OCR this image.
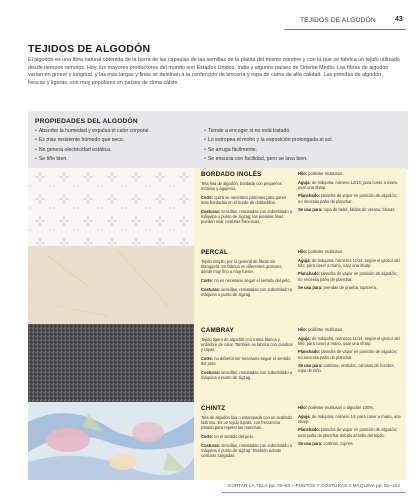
TEJIDOS DE ALGODÓN	43
TEJIDOS DE ALGODÓN

El algodón es una fibra natural obtenida de la borra de las cápsulas de las semillas de la planta del mismo nombre y con la que se fabrica un tejido utilizado desde tiempos remotos. Hoy, los mayores productores del mundo son Estados Unidos, India y algunos países de Oriente Medio. Las fibras de algodón varían en grosor y longitud, y las más largas y finas se destinan a la confección de lencería y ropa de cama de alta calidad. Las prendas de algodón, frescas y ligeras, son muy populares en países de clima cálido.

PROPIEDADES DEL ALGODÓN
• Absorbe la humedad y expulsa el calor corporal.
• Es más resistente húmedo que seco.
• No genera electricidad estática.
• Se tiñe bien.
• Tiende a encoger si no está tratado.
• Lo estropea el moho y la exposición prolongada al sol.
• Se arruga fácilmente.
• Se ensucia con facilidad, pero se lava bien.
BORDADO INGLÉS

Tela fina de algodón, bordada con pequeños motivos y agujeros.

Corte: quizá se necesiten patrones para poner tiras bordadas en el borde de dobladillos.

Costuras: sencillas, rematadas con sobrehilado a máquina o punto de zigzag; las prendas finas pueden usar costuras francesas.

Hilo: poliéster multiusos.

Aguja: de máquina, número 12/14; para coser a mano, usar una sharp.

Planchado: plancha de vapor en posición de algodón; no necesita paño de planchar.

Se usa para: ropa de bebé, faldas de verano, blusas.

PERCAL

Tejido simple, por lo general de fibras sin blanquear. Se fabrica en diferentes grosores, desde muy fino a muy fuerte.

Corte: no es necesario seguir el sentido del pelo.

Costuras: sencillas, rematadas con sobrehilado a máquina o punto de zigzag.

Hilo: poliéster multiusos.

Aguja: de máquina, números 11/14, según el grosor del hilo; para coser a mano, usar una sharp.

Planchado: plancha de vapor en posición de algodón; no necesita paño de planchar.

Se usa para: prendas de prueba, tapicería.

CAMBRAY

Tejido ligero de algodón con trama blanca y urdimbre de color. También se fabrica con cuadros y rayas.

Corte: no debería ser necesario seguir el sentido del pelo.

Costuras: sencillas, rematadas con sobrehilado a máquina o punto de zigzag.

Hilo: poliéster multiusos.

Aguja: de máquina, números 11/14, según el grosor del hilo; para coser a mano, usar una sharp.

Planchado: plancha de vapor en posición de algodón; no necesita paño de planchar.

Se usa para: camisas, vestidos, camisas de hombre, ropa de niño.

CHINTZ

Tela de algodón lisa o estampada con un acabado lustroso. Es un tejido tupido, con frecuencia tratado para repeler las manchas.

Corte: en el sentido del pelo.

Costuras: sencillas, rematadas con sobrehilado a máquina o punto de zigzag. También admite costuras cargadas.

Hilo: poliéster multiusos o algodón 100%.

Aguja: de máquina, número 14; para coser a mano, una sharp.

Planchado: plancha de vapor en posición de algodón; usar paño de planchar debido al brillo del tejido.

Se usa para: cortinas, cojines.

CORTAR LA TELA pp. 76–83 » PUNTOS Y COSTURAS A MÁQUINA pp. 92–102
